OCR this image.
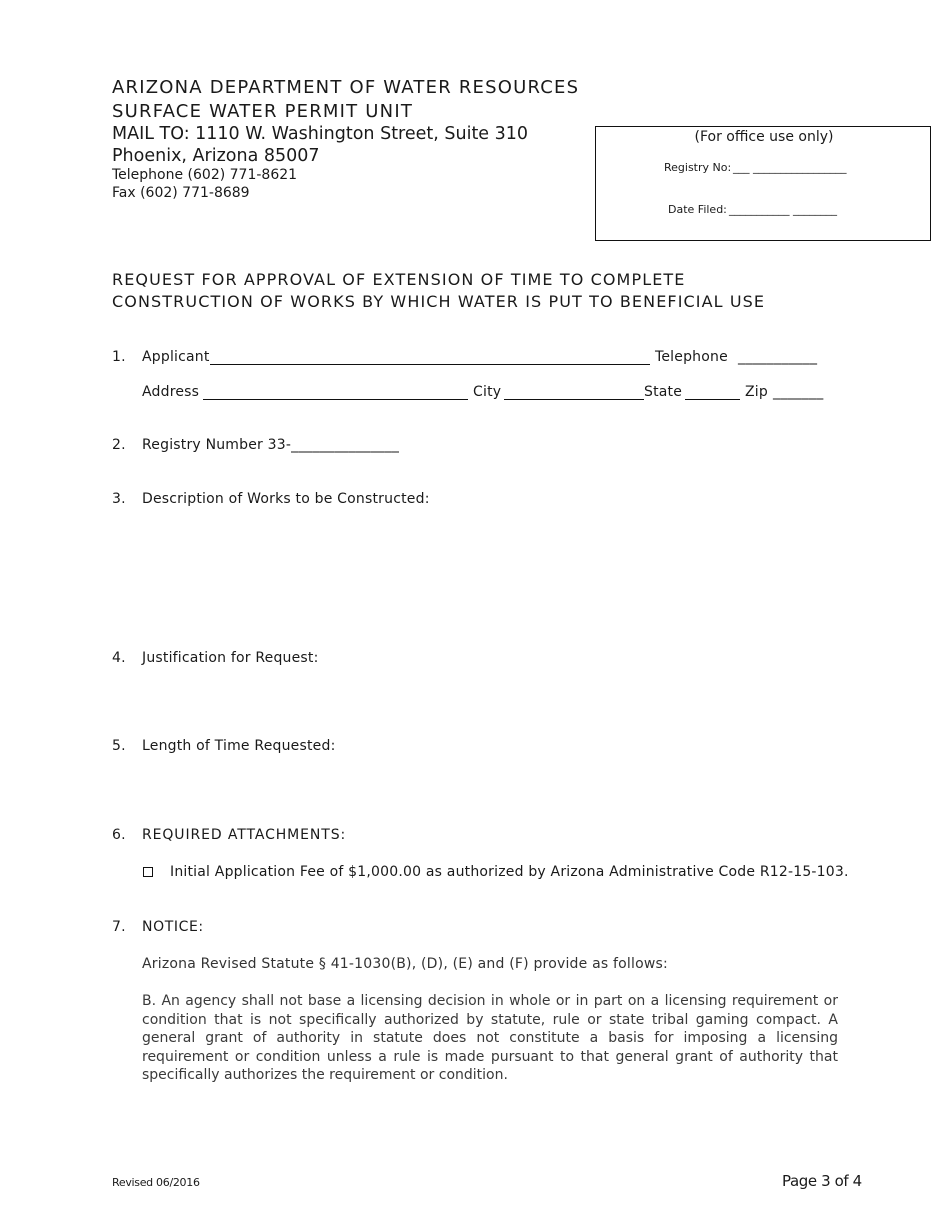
ARIZONA DEPARTMENT OF WATER RESOURCES
SURFACE WATER PERMIT UNIT
MAIL TO: 1110 W. Washington Street, Suite 310
Phoenix, Arizona 85007
Telephone (602) 771-8621
Fax (602) 771-8689
(For office use only)
Registry No: ___ _________________
Date Filed: ___________ ________
REQUEST FOR APPROVAL OF EXTENSION OF TIME TO COMPLETE
CONSTRUCTION OF WORKS BY WHICH WATER IS PUT TO BENEFICIAL USE
1. Applicant	Telephone ___________
Address	City	State	Zip _______
2. Registry Number 33-_______________
3. Description of Works to be Constructed:
4. Justification for Request:
5. Length of Time Requested:
6. REQUIRED ATTACHMENTS:
Initial Application Fee of $1,000.00 as authorized by Arizona Administrative Code R12-15-103.
7. NOTICE:
Arizona Revised Statute § 41-1030(B), (D), (E) and (F) provide as follows:
B. An agency shall not base a licensing decision in whole or in part on a licensing requirement or condition that is not specifically authorized by statute, rule or state tribal gaming compact. A general grant of authority in statute does not constitute a basis for imposing a licensing requirement or condition unless a rule is made pursuant to that general grant of authority that specifically authorizes the requirement or condition.
Revised 06/2016	Page 3 of 4
